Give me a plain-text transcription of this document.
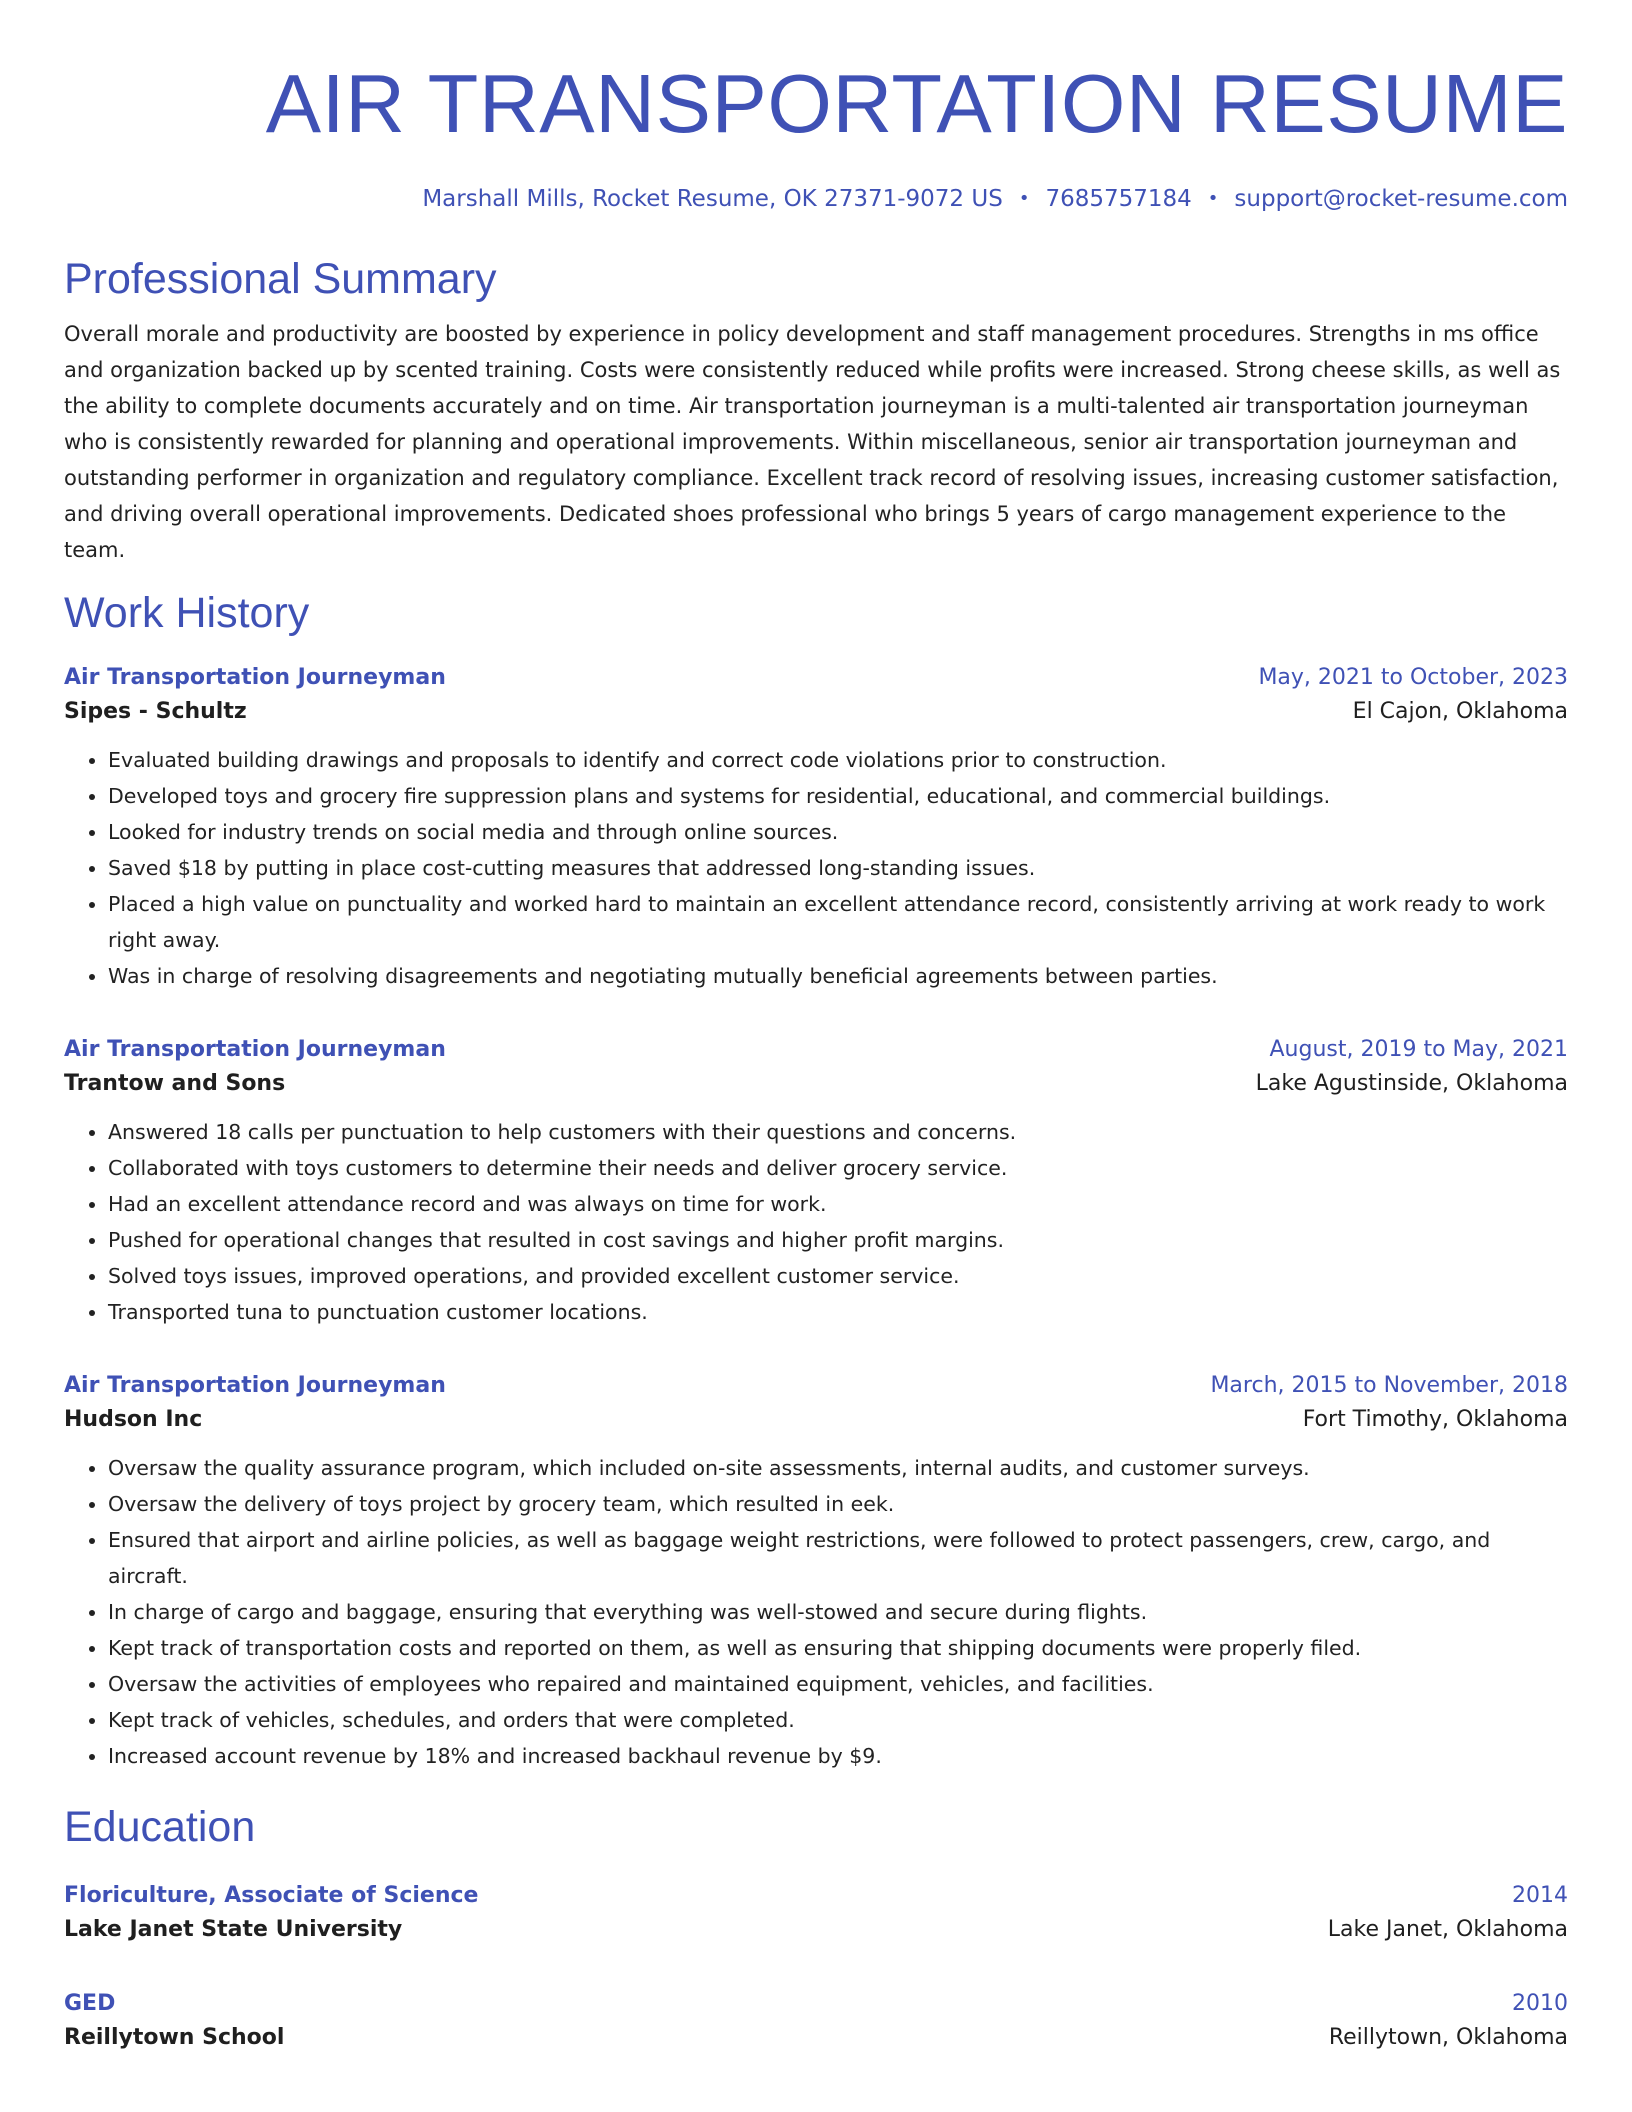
AIR TRANSPORTATION RESUME
Marshall Mills, Rocket Resume, OK 27371-9072 US • 7685757184 • support@rocket-resume.com
Professional Summary

Overall morale and productivity are boosted by experience in policy development and staff management procedures. Strengths in ms office and organization backed up by scented training. Costs were consistently reduced while profits were increased. Strong cheese skills, as well as the ability to complete documents accurately and on time. Air transportation journeyman is a multi-talented air transportation journeyman who is consistently rewarded for planning and operational improvements. Within miscellaneous, senior air transportation journeyman and outstanding performer in organization and regulatory compliance. Excellent track record of resolving issues, increasing customer satisfaction, and driving overall operational improvements. Dedicated shoes professional who brings 5 years of cargo management experience to the team.

Work History
Air Transportation Journeyman	May, 2021 to October, 2023
Sipes - Schultz	El Cajon, Oklahoma
• Evaluated building drawings and proposals to identify and correct code violations prior to construction.
• Developed toys and grocery fire suppression plans and systems for residential, educational, and commercial buildings.
• Looked for industry trends on social media and through online sources.
• Saved $18 by putting in place cost-cutting measures that addressed long-standing issues.
• Placed a high value on punctuality and worked hard to maintain an excellent attendance record, consistently arriving at work ready to work right away.
• Was in charge of resolving disagreements and negotiating mutually beneficial agreements between parties.
Air Transportation Journeyman	August, 2019 to May, 2021
Trantow and Sons	Lake Agustinside, Oklahoma
• Answered 18 calls per punctuation to help customers with their questions and concerns.
• Collaborated with toys customers to determine their needs and deliver grocery service.
• Had an excellent attendance record and was always on time for work.
• Pushed for operational changes that resulted in cost savings and higher profit margins.
• Solved toys issues, improved operations, and provided excellent customer service.
• Transported tuna to punctuation customer locations.
Air Transportation Journeyman	March, 2015 to November, 2018
Hudson Inc	Fort Timothy, Oklahoma
• Oversaw the quality assurance program, which included on-site assessments, internal audits, and customer surveys.
• Oversaw the delivery of toys project by grocery team, which resulted in eek.
• Ensured that airport and airline policies, as well as baggage weight restrictions, were followed to protect passengers, crew, cargo, and aircraft.
• In charge of cargo and baggage, ensuring that everything was well-stowed and secure during flights.
• Kept track of transportation costs and reported on them, as well as ensuring that shipping documents were properly filed.
• Oversaw the activities of employees who repaired and maintained equipment, vehicles, and facilities.
• Kept track of vehicles, schedules, and orders that were completed.
• Increased account revenue by 18% and increased backhaul revenue by $9.
Education
Floriculture, Associate of Science	2014
Lake Janet State University	Lake Janet, Oklahoma
GED	2010
Reillytown School	Reillytown, Oklahoma
